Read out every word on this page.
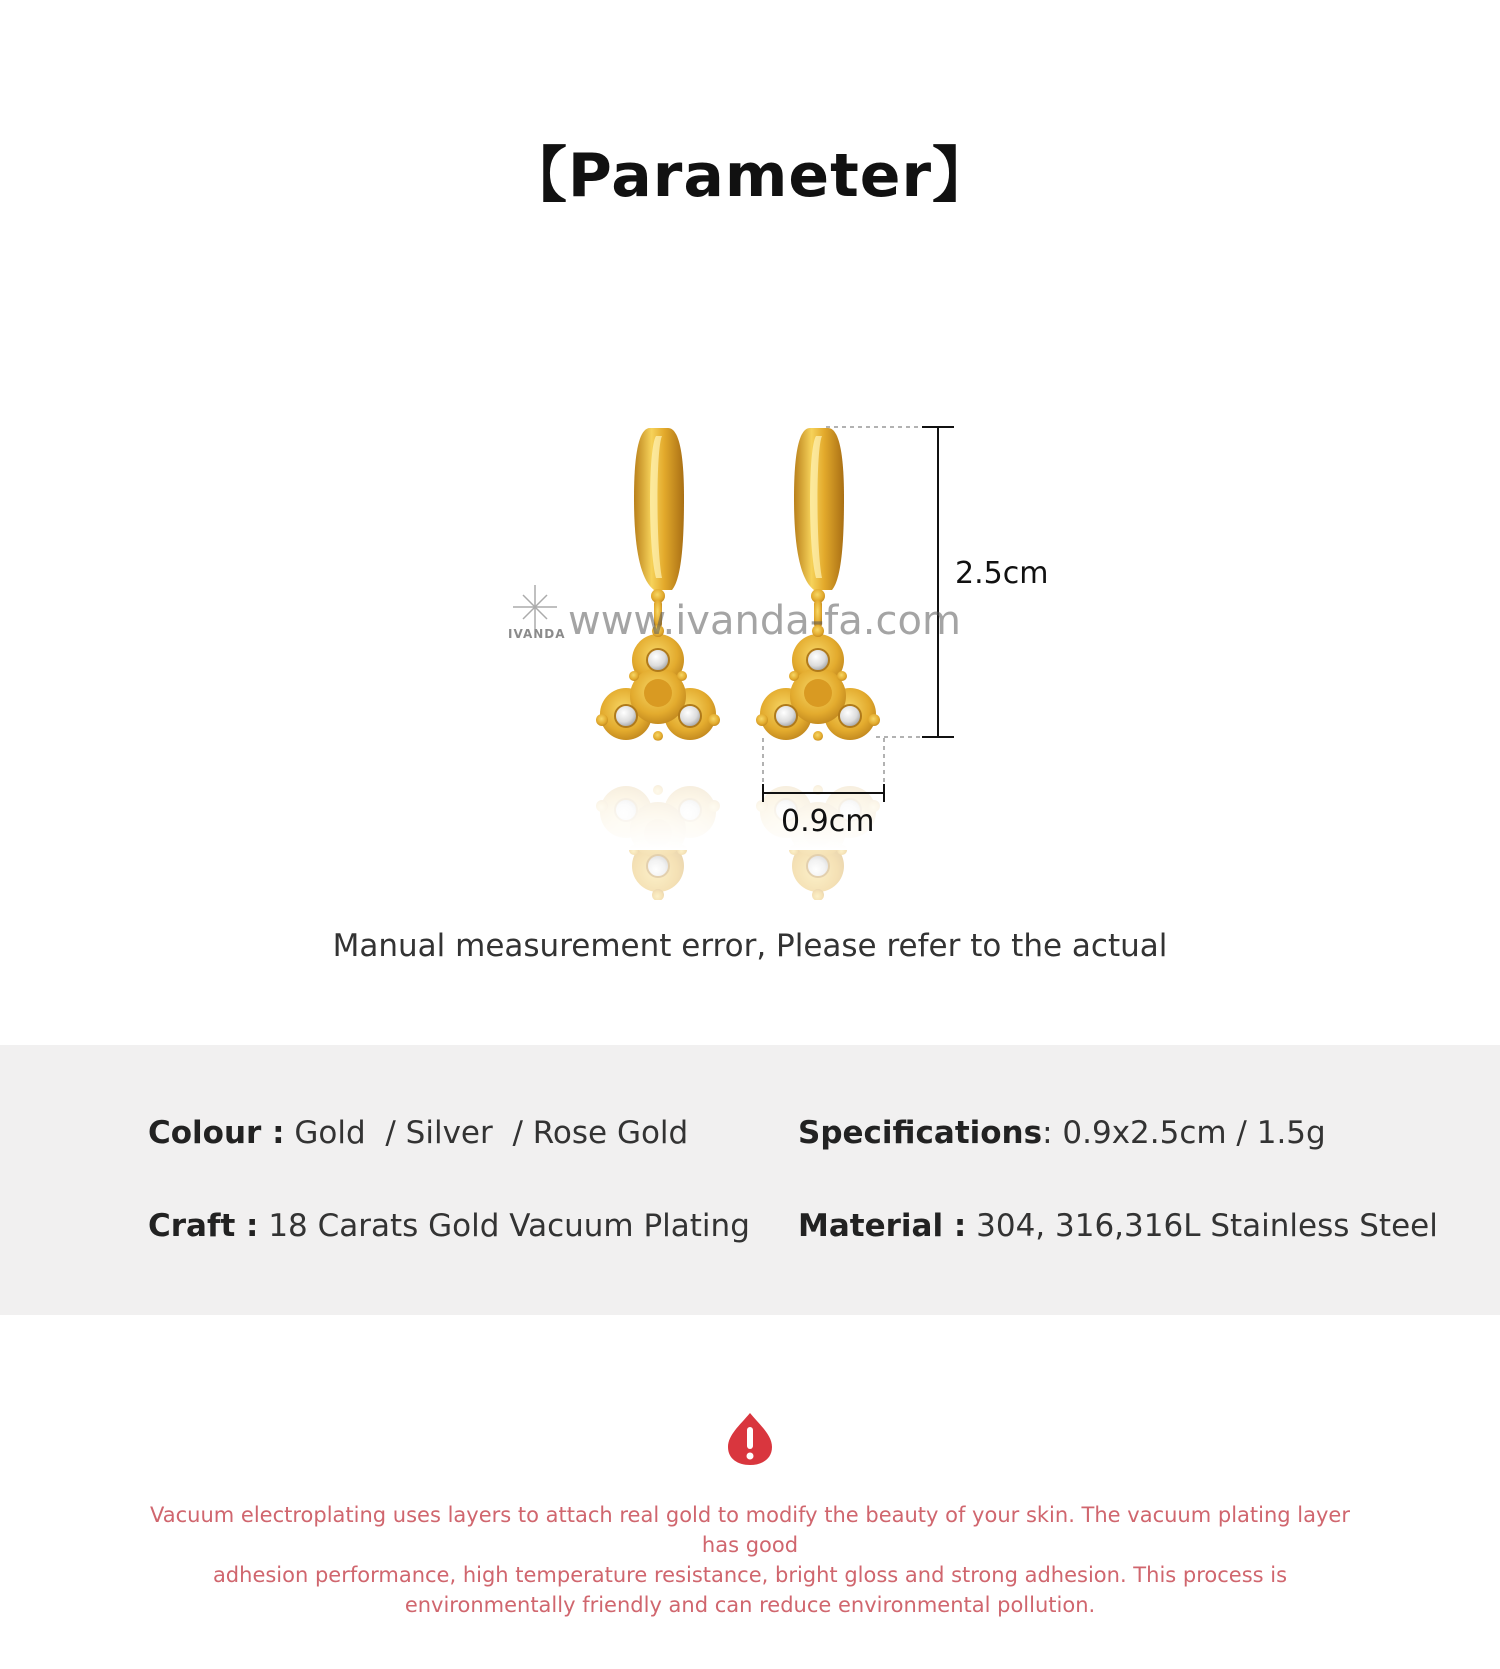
【Parameter】
2.5cm
0.9cm
www.ivanda-fa.com
IVANDA
Manual measurement error, Please refer to the actual
Colour : Gold  / Silver  / Rose Gold	Specifications: 0.9x2.5cm / 1.5g
Craft : 18 Carats Gold Vacuum Plating Material : 304, 316,316L Stainless Steel
Vacuum electroplating uses layers to attach real gold to modify the beauty of your skin. The vacuum plating layer has good
adhesion performance, high temperature resistance, bright gloss and strong adhesion. This process is
environmentally friendly and can reduce environmental pollution.
